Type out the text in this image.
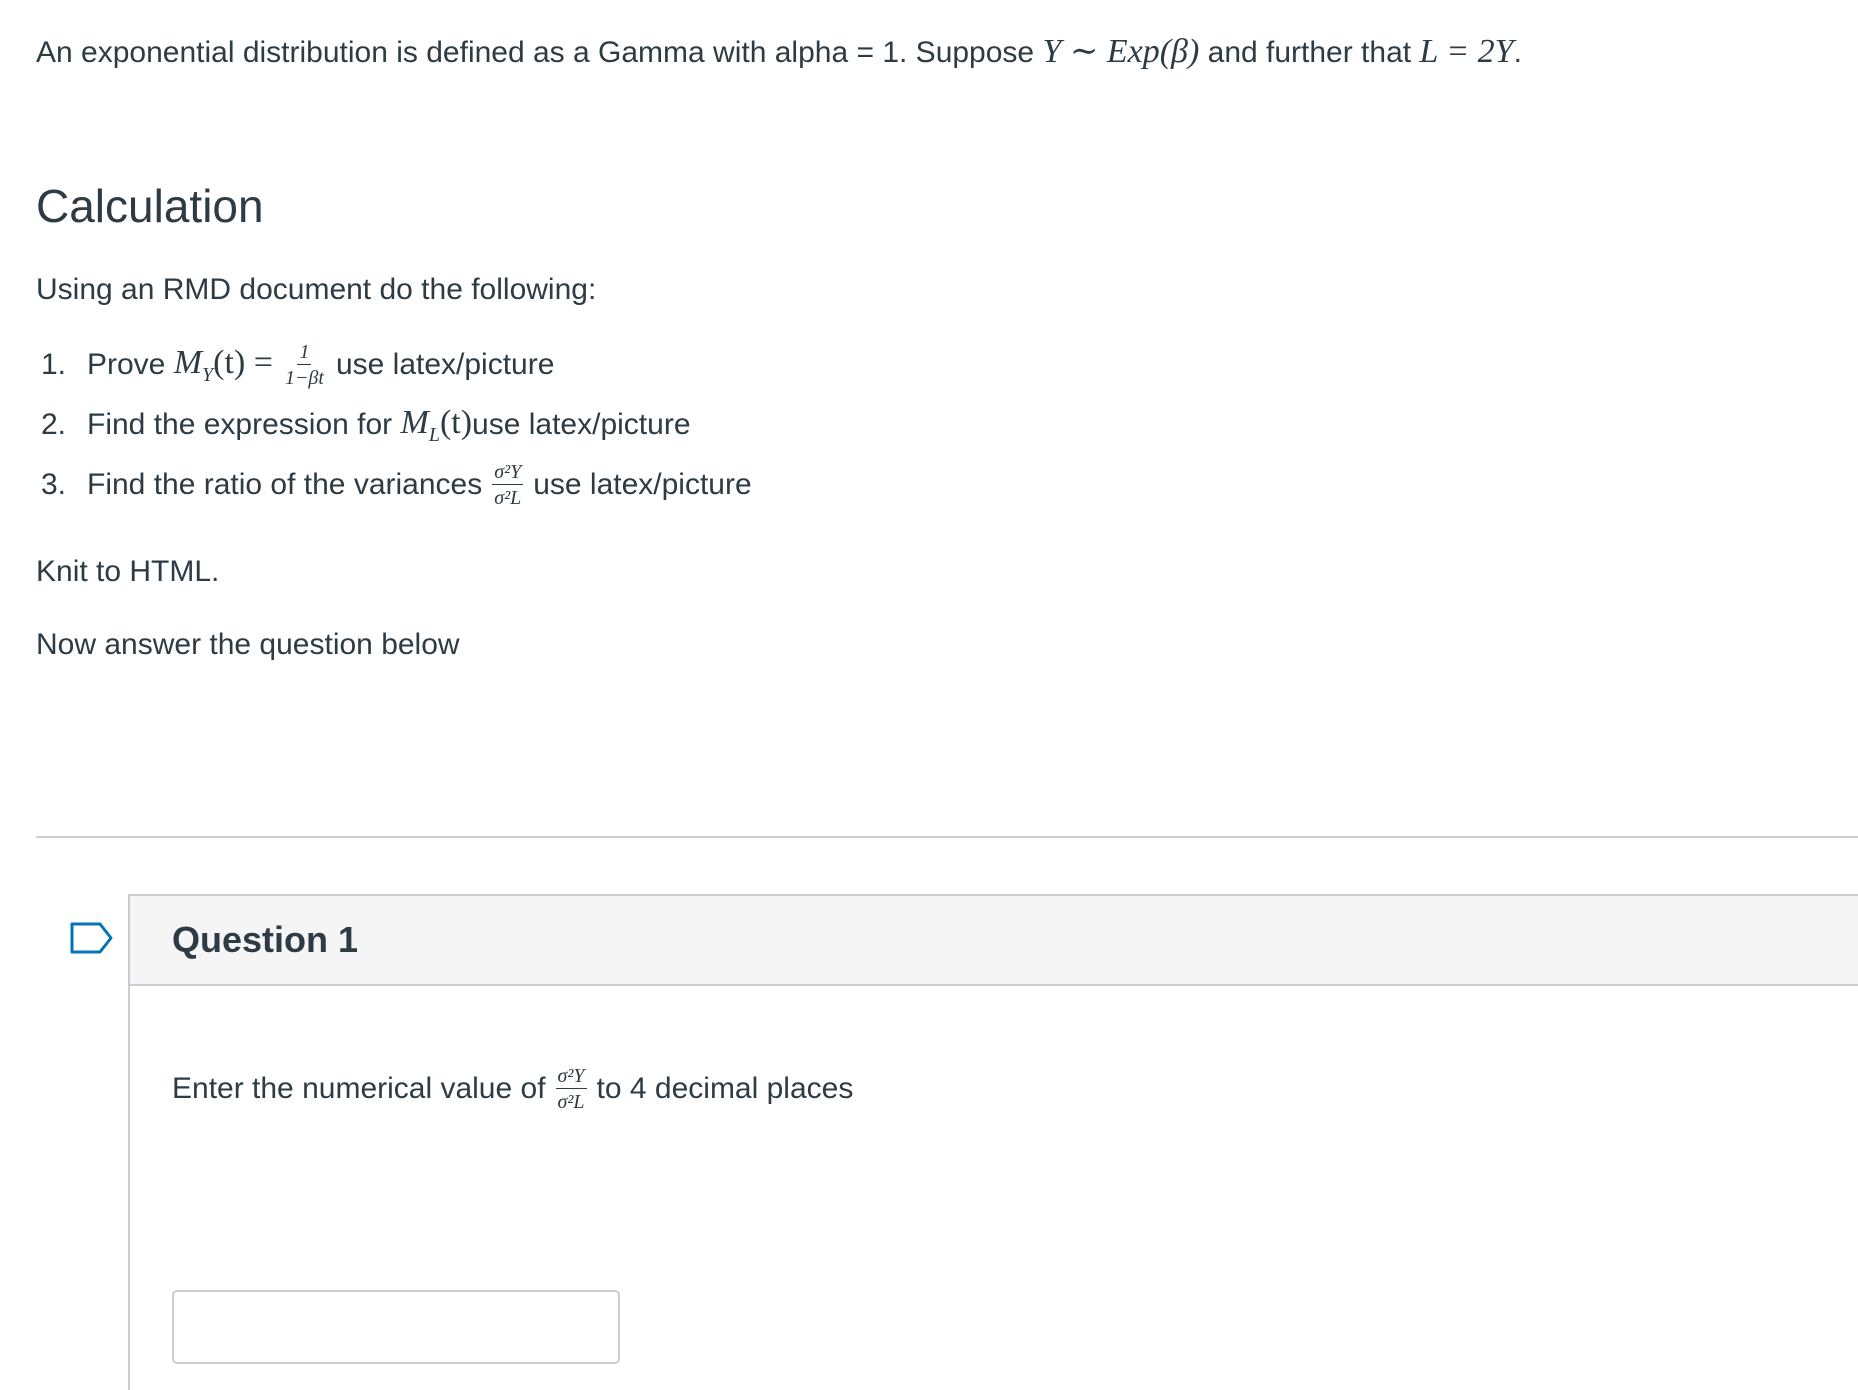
An exponential distribution is defined as a Gamma with alpha = 1. Suppose Y ∼ Exp(β) and further that L = 2Y.
Calculation
Using an RMD document do the following:
1. Prove
$M_Y(t) = \frac{1}{1-\beta t}$ use latex/picture
2. Find the expression for
$M_L(t)$ use latex/picture
3. Find the ratio of the variances $\frac{\text{σ²Y}}{\text{σ²L}}$ use latex/picture
Knit to HTML.
Now answer the question below
Question 1
Enter the numerical value of $\frac{\text{σ²Y}}{\text{σ²L}}$ to 4 decimal places
